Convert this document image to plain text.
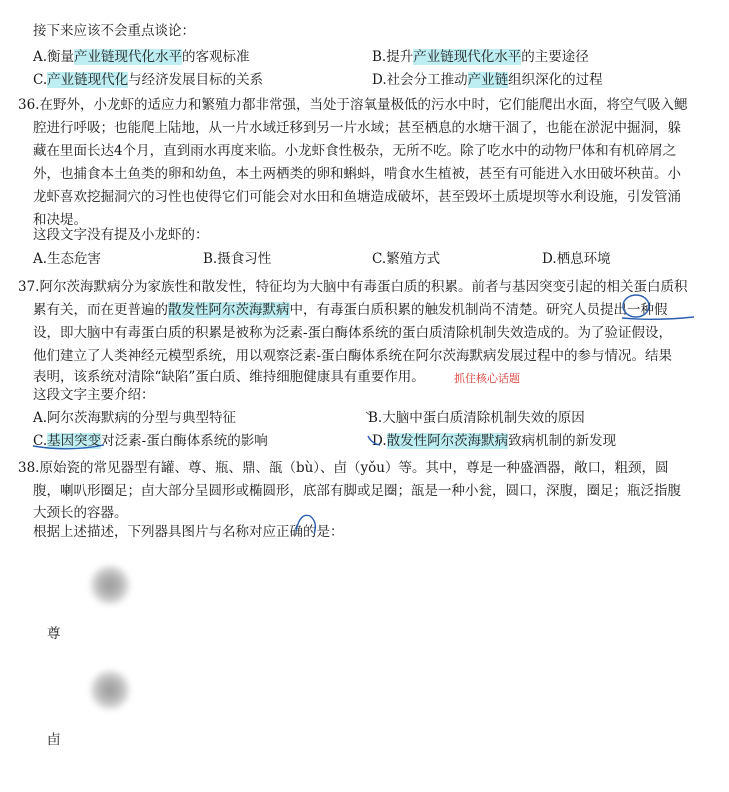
接下来应该不会重点谈论：
A.衡量产业链现代化水平的客观标准	B.提升产业链现代化水平的主要途径
C.产业链现代化与经济发展目标的关系	D.社会分工推动产业链组织深化的过程
36.在野外，小龙虾的适应力和繁殖力都非常强，当处于溶氧量极低的污水中时，它们能爬出水面，将空气吸入鳃
腔进行呼吸；也能爬上陆地，从一片水域迁移到另一片水域；甚至栖息的水塘干涸了，也能在淤泥中掘洞，躲
藏在里面长达4个月，直到雨水再度来临。小龙虾食性极杂，无所不吃。除了吃水中的动物尸体和有机碎屑之
外，也捕食本土鱼类的卵和幼鱼，本土两栖类的卵和蝌蚪，啃食水生植被，甚至有可能进入水田破坏秧苗。小
龙虾喜欢挖掘洞穴的习性也使得它们可能会对水田和鱼塘造成破坏，甚至毁坏土质堤坝等水利设施，引发管涌
和决堤。
这段文字没有提及小龙虾的：
A.生态危害	B.摄食习性	C.繁殖方式	D.栖息环境
37.阿尔茨海默病分为家族性和散发性，特征均为大脑中有毒蛋白质的积累。前者与基因突变引起的相关蛋白质积
累有关，而在更普遍的散发性阿尔茨海默病中，有毒蛋白质积累的触发机制尚不清楚。研究人员提出一种假
设，即大脑中有毒蛋白质的积累是被称为泛素-蛋白酶体系统的蛋白质清除机制失效造成的。为了验证假设，
他们建立了人类神经元模型系统，用以观察泛素-蛋白酶体系统在阿尔茨海默病发展过程中的参与情况。结果
表明，该系统对清除“缺陷”蛋白质、维持细胞健康具有重要作用。	抓住核心话题
这段文字主要介绍：
A.阿尔茨海默病的分型与典型特征	B.大脑中蛋白质清除机制失效的原因
C.基因突变对泛素-蛋白酶体系统的影响	D.散发性阿尔茨海默病致病机制的新发现
38.原始瓷的常见器型有罐、尊、瓶、鼎、瓿（bù）、卣（yǒu）等。其中，尊是一种盛酒器，敞口，粗颈，圆
腹，喇叭形圈足；卣大部分呈圆形或椭圆形，底部有脚或足圈；瓿是一种小瓮，圆口，深腹，圈足；瓶泛指腹
大颈长的容器。
根据上述描述，下列器具图片与名称对应正确的是：
尊
卣
